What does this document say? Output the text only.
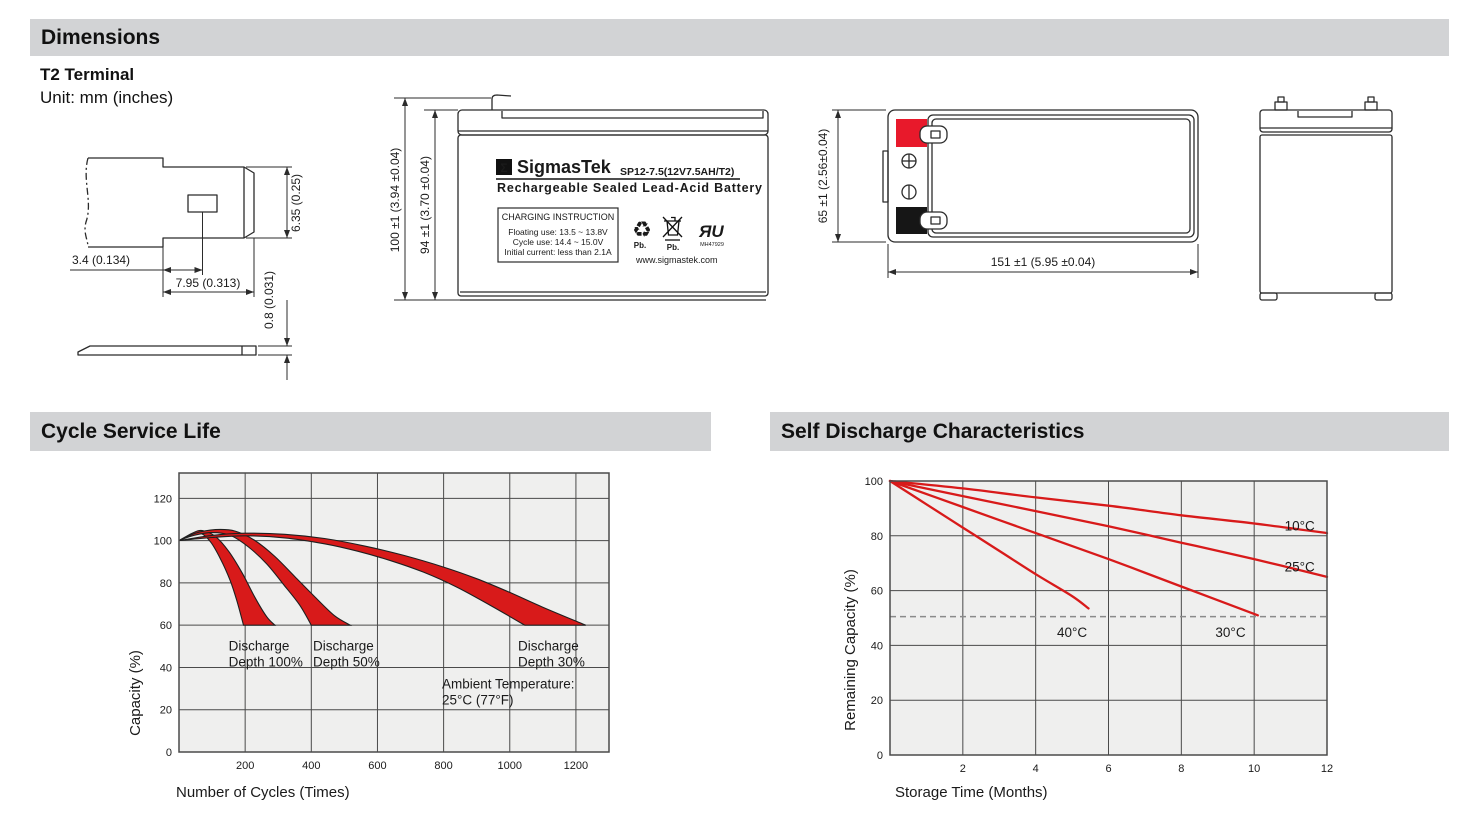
Dimensions
T2 Terminal
Unit: mm (inches)
6.35 (0.25)
3.4 (0.134)
7.95 (0.313) 0.8 (0.031)
100 ±1 (3.94 ±0.04) 94 ±1 (3.70 ±0.04)	Σ SigmasTek SP12-7.5(12V7.5AH/T2)
Rechargeable Sealed Lead-Acid Battery
CHARGING INSTRUCTION
Floating use: 13.5 ~ 13.8V
Cycle use: 14.4 ~ 15.0V
Initial current: less than 2.1A
♻
Pb.	Pb.
ЯU
MH47929
www.sigmastek.com
65 ±1 (2.56±0.04)
151 ±1 (5.95 ±0.04)
Cycle Service Life	Self Discharge Characteristics
0
20
40
60
80
100
120
200	400	600	800	1000	1200
Discharge Depth 100%
Discharge Depth 50%
Discharge Depth 30%
Ambient Temperature: 25°C (77°F)
Number of Cycles (Times)
Capacity (%)
0
20
40
60
80
100
2	4	6	8	10	12
10°C
25°C
30°C
40°C
Storage Time (Months)
Remaining Capacity (%)
